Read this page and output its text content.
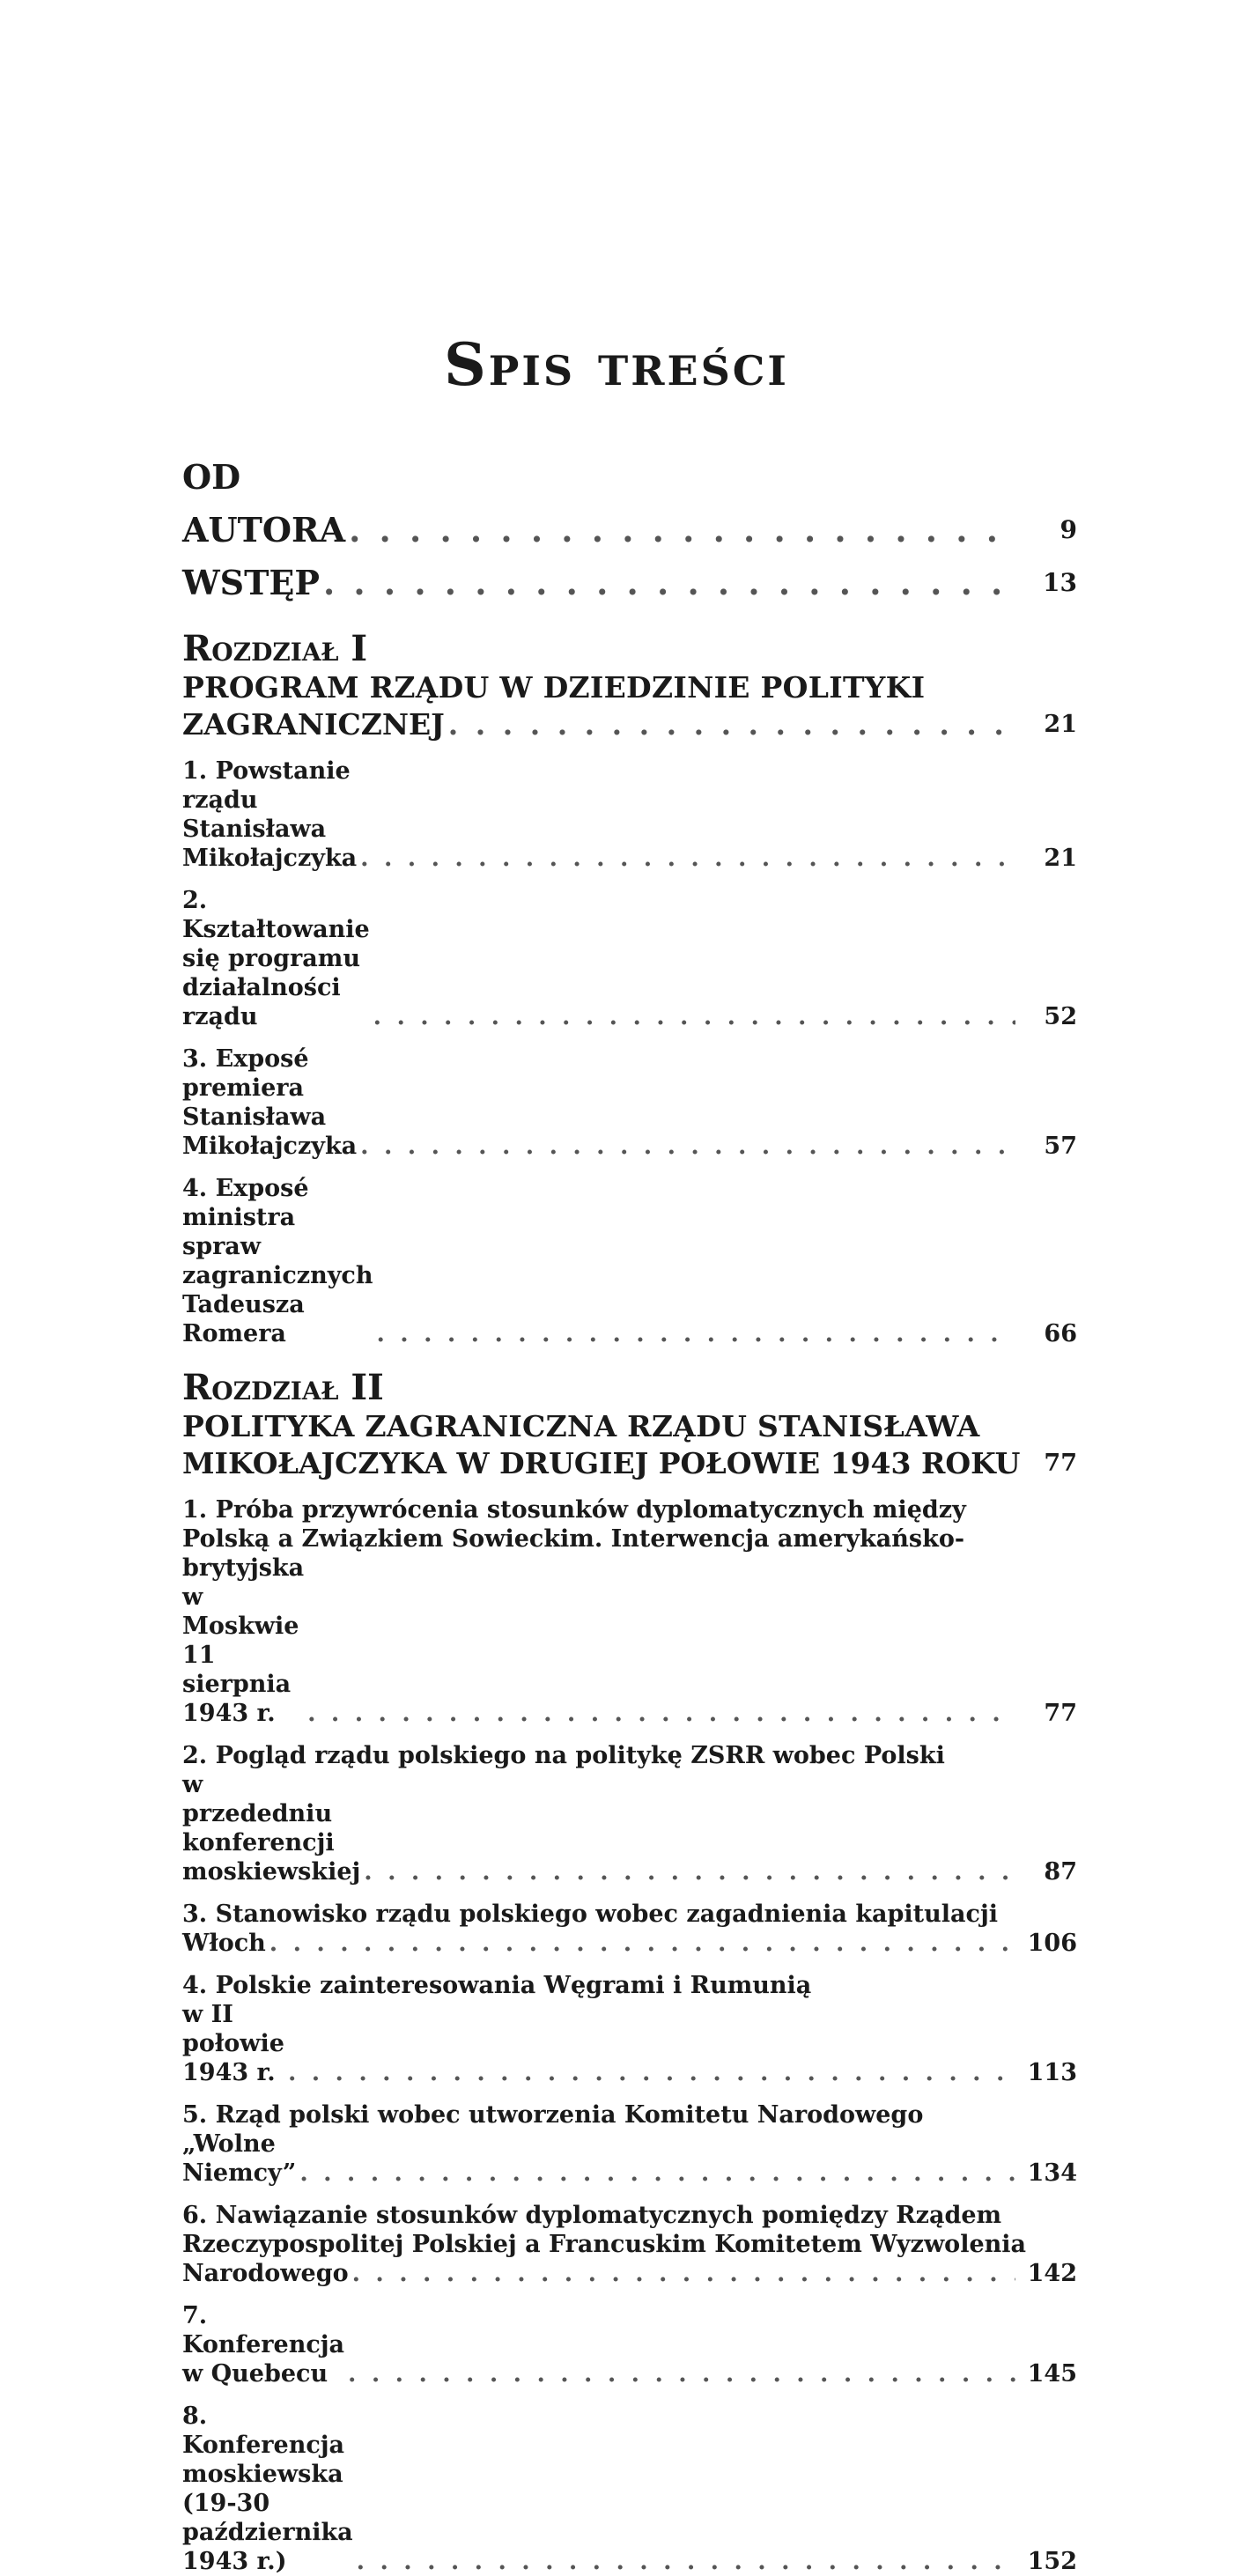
Spis treści
OD AUTORA . . .	9
WSTĘP . . .	13
Rozdział I
PROGRAM RZĄDU W DZIEDZINIE POLITYKI
ZAGRANICZNEJ . . .	21
1. Powstanie rządu Stanisława Mikołajczyka . . .	21
2. Kształtowanie się programu działalności rządu . . .	52
3. Exposé premiera Stanisława Mikołajczyka . . .	57
4. Exposé ministra spraw zagranicznych Tadeusza Romera . . .	66
Rozdział II
POLITYKA ZAGRANICZNA RZĄDU STANISŁAWA
MIKOŁAJCZYKA W DRUGIEJ POŁOWIE 1943 ROKU	77
1. Próba przywrócenia stosunków dyplomatycznych między
Polską a Związkiem Sowieckim. Interwencja amerykańsko-
brytyjska w Moskwie 11 sierpnia 1943 r. . . .	77
2. Pogląd rządu polskiego na politykę ZSRR wobec Polski
w przededniu konferencji moskiewskiej . . .	87
3. Stanowisko rządu polskiego wobec zagadnienia kapitulacji
Włoch . . .	106
4. Polskie zainteresowania Węgrami i Rumunią
w II połowie 1943 r. . . .	113
5. Rząd polski wobec utworzenia Komitetu Narodowego
„Wolne Niemcy” . . .	134
6. Nawiązanie stosunków dyplomatycznych pomiędzy Rządem
Rzeczypospolitej Polskiej a Francuskim Komitetem Wyzwolenia
Narodowego . . .	142
7. Konferencja w Quebecu . . .	145
8. Konferencja moskiewska (19-30 października 1943 r.) . . .	152
